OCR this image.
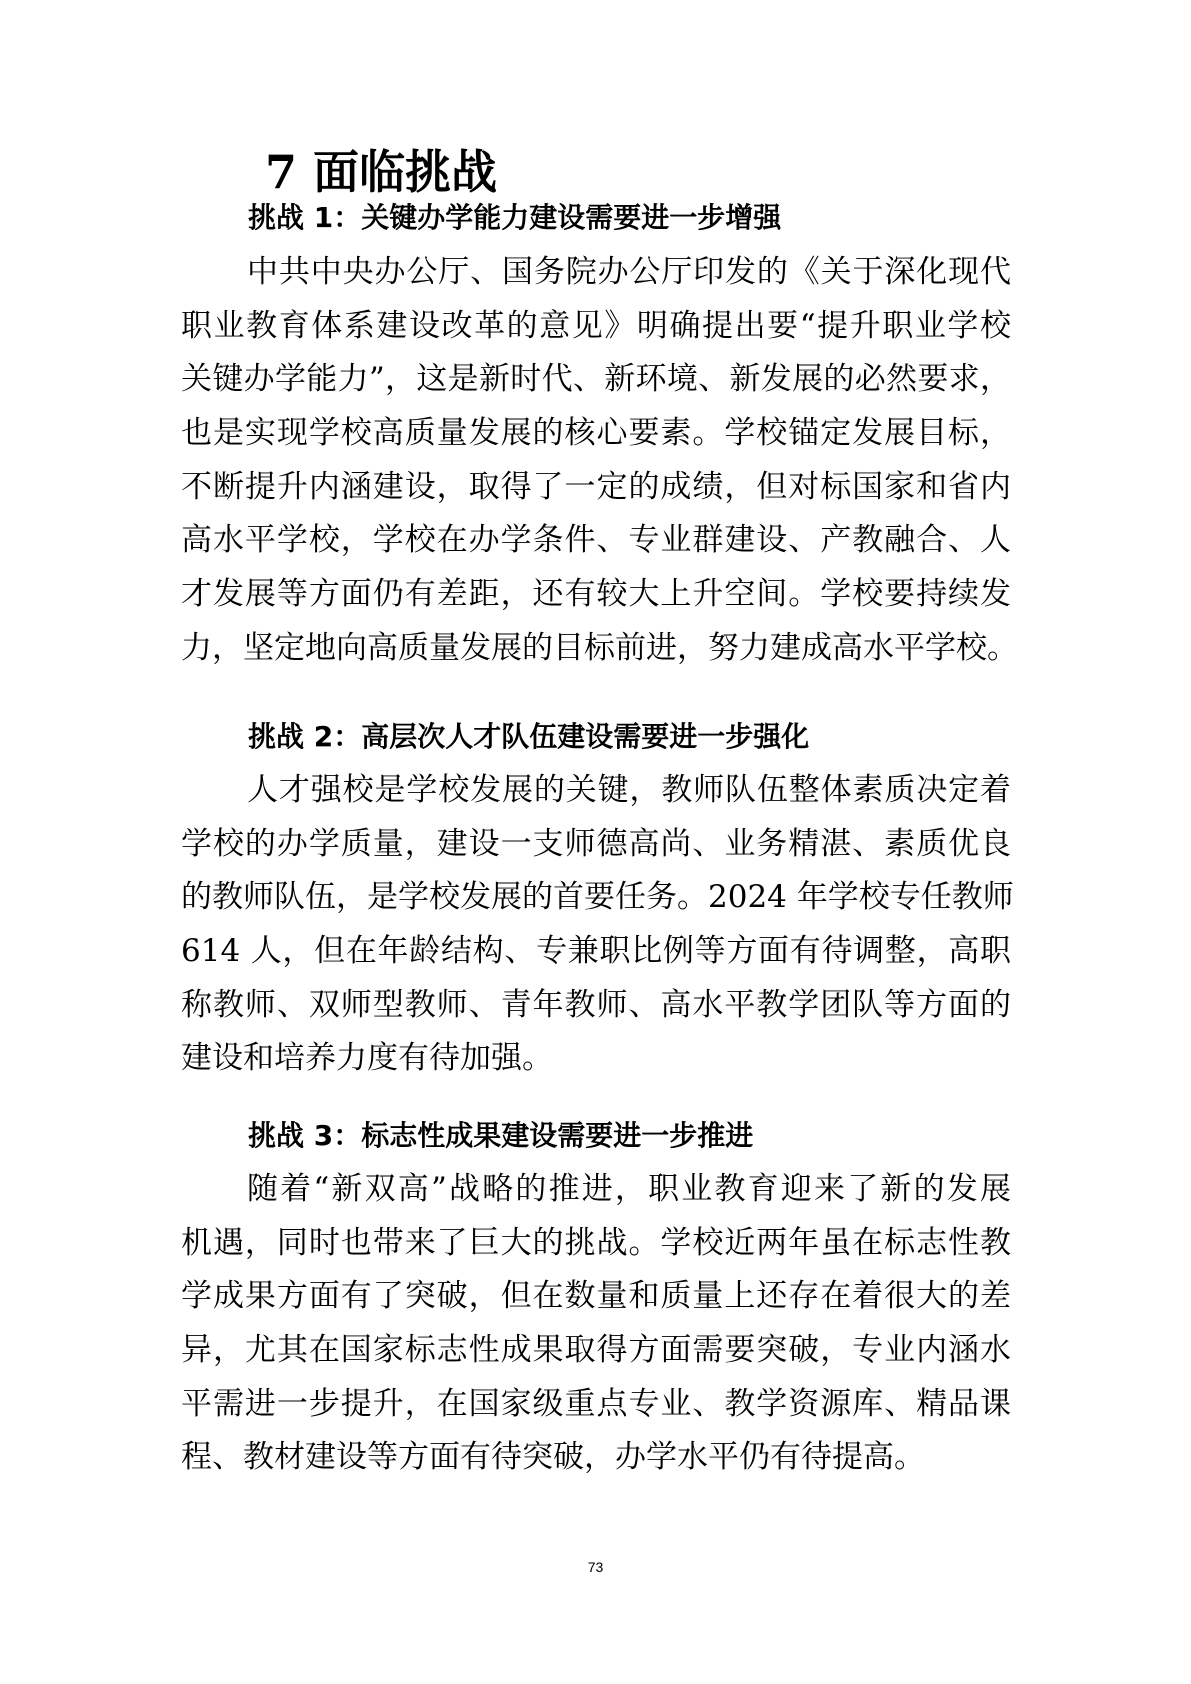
7 面临挑战
挑战 1：关键办学能力建设需要进一步增强
中共中央办公厅、国务院办公厅印发的《关于深化现代
职业教育体系建设改革的意见》明确提出要“提升职业学校
关键办学能力”，这是新时代、新环境、新发展的必然要求，
也是实现学校高质量发展的核心要素。学校锚定发展目标，
不断提升内涵建设，取得了一定的成绩，但对标国家和省内
高水平学校，学校在办学条件、专业群建设、产教融合、人
才发展等方面仍有差距，还有较大上升空间。学校要持续发
力，坚定地向高质量发展的目标前进，努力建成高水平学校。
挑战 2：高层次人才队伍建设需要进一步强化
人才强校是学校发展的关键，教师队伍整体素质决定着
学校的办学质量，建设一支师德高尚、业务精湛、素质优良
的教师队伍，是学校发展的首要任务。2024 年学校专任教师
614 人，但在年龄结构、专兼职比例等方面有待调整，高职
称教师、双师型教师、青年教师、高水平教学团队等方面的
建设和培养力度有待加强。
挑战 3：标志性成果建设需要进一步推进
随着“新双高”战略的推进，职业教育迎来了新的发展
机遇，同时也带来了巨大的挑战。学校近两年虽在标志性教
学成果方面有了突破，但在数量和质量上还存在着很大的差
异，尤其在国家标志性成果取得方面需要突破，专业内涵水
平需进一步提升，在国家级重点专业、教学资源库、精品课
程、教材建设等方面有待突破，办学水平仍有待提高。
73
